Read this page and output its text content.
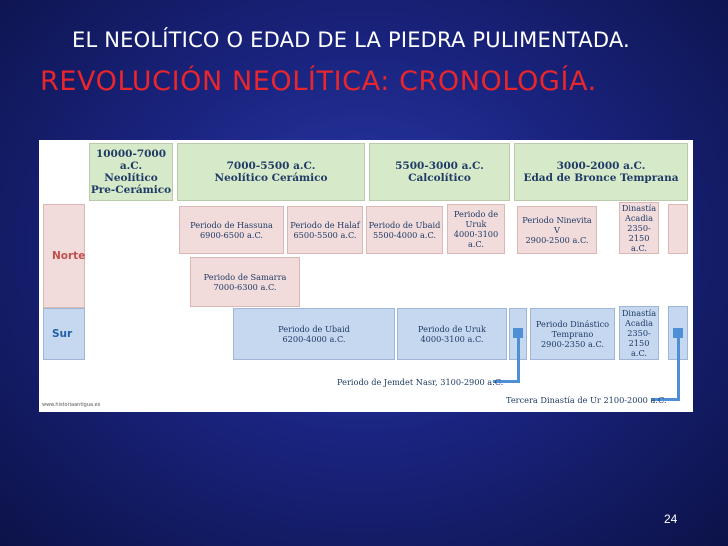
EL NEOLÍTICO O EDAD DE LA PIEDRA PULIMENTADA.
REVOLUCIÓN NEOLÍTICA: CRONOLOGÍA.
10000-7000
a.C.
Neolítico
Pre-Cerámico
7000-5500 a.C.
Neolítico Cerámico
5500-3000 a.C.
Calcolítico
3000-2000 a.C.
Edad de Bronce Temprana
Norte
Periodo de Hassuna
6900-6500 a.C.
Periodo de Halaf
6500-5500 a.C.
Periodo de Ubaid
5500-4000 a.C.
Periodo de
Uruk
4000-3100
a.C.
Periodo Ninevita
V
2900-2500 a.C.
Dinastía
Acadia
2350-
2150
a.C.
Periodo de Samarra
7000-6300 a.C.
Sur	Periodo de Ubaid
6200-4000 a.C.
Periodo de Uruk
4000-3100 a.C.
Periodo Dinástico
Temprano
2900-2350 a.C.
Dinastía
Acadia
2350-
2150
a.C.
Periodo de Jemdet Nasr, 3100-2900 a.C.
Tercera Dinastía de Ur 2100-2000 a.C.
www.historiaantigua.es
24
